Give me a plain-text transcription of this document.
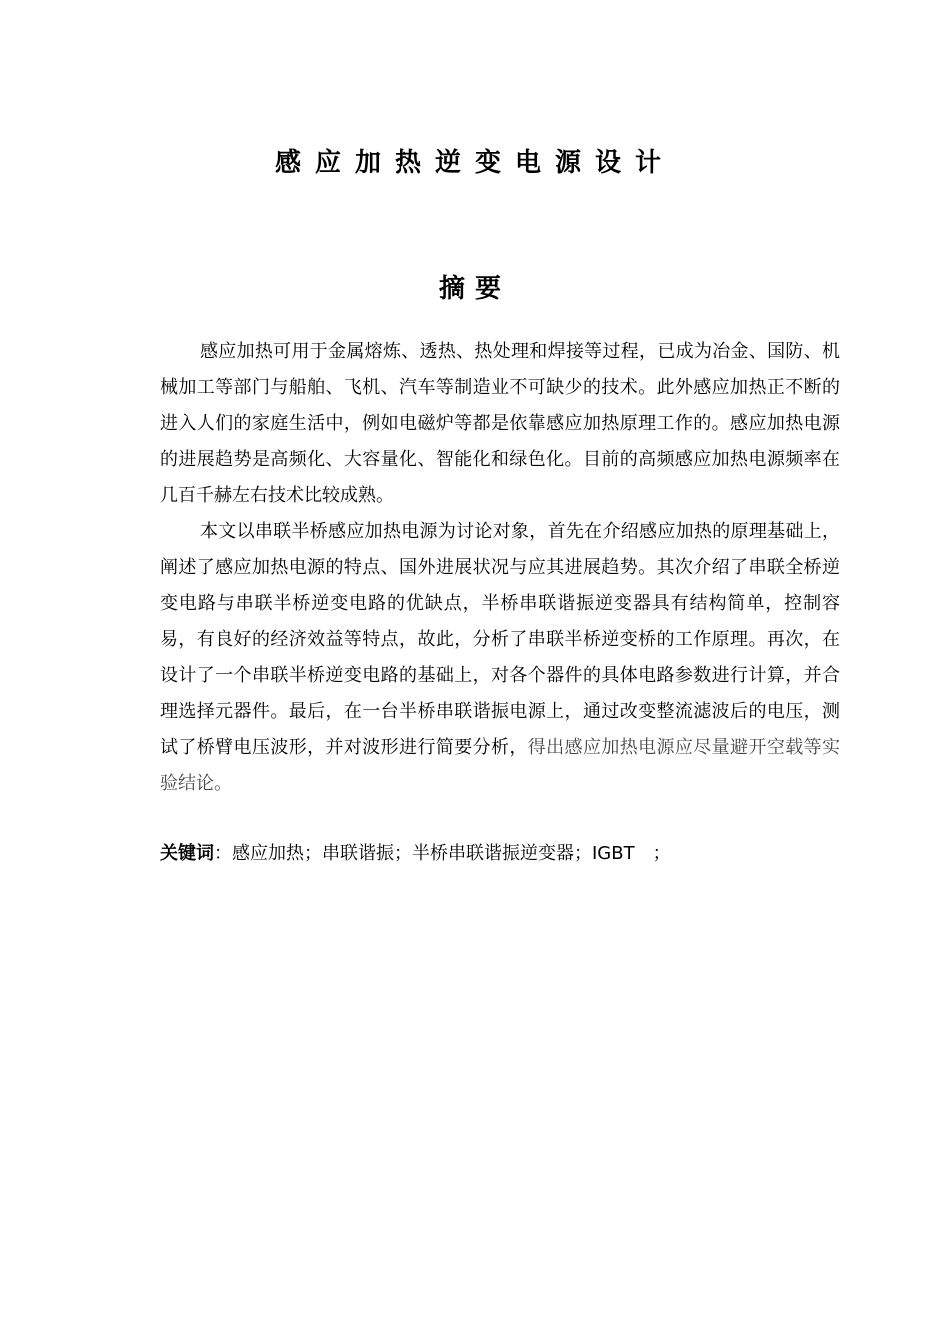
感应加热逆变电源设计
摘要

感应加热可用于金属熔炼、透热、热处理和焊接等过程，已成为冶金、国防、机械加工等部门与船舶、飞机、汽车等制造业不可缺少的技术。此外感应加热正不断的进入人们的家庭生活中，例如电磁炉等都是依靠感应加热原理工作的。感应加热电源的进展趋势是高频化、大容量化、智能化和绿色化。目前的高频感应加热电源频率在几百千赫左右技术比较成熟。

本文以串联半桥感应加热电源为讨论对象，首先在介绍感应加热的原理基础上，阐述了感应加热电源的特点、国外进展状况与应其进展趋势。其次介绍了串联全桥逆变电路与串联半桥逆变电路的优缺点，半桥串联谐振逆变器具有结构简单，控制容易，有良好的经济效益等特点，故此，分析了串联半桥逆变桥的工作原理。再次，在设计了一个串联半桥逆变电路的基础上，对各个器件的具体电路参数进行计算，并合理选择元器件。最后，在一台半桥串联谐振电源上，通过改变整流滤波后的电压，测试了桥臂电压波形，并对波形进行简要分析，得出感应加热电源应尽量避开空载等实验结论。

关键词：感应加热；串联谐振；半桥串联谐振逆变器；IGBT　；
